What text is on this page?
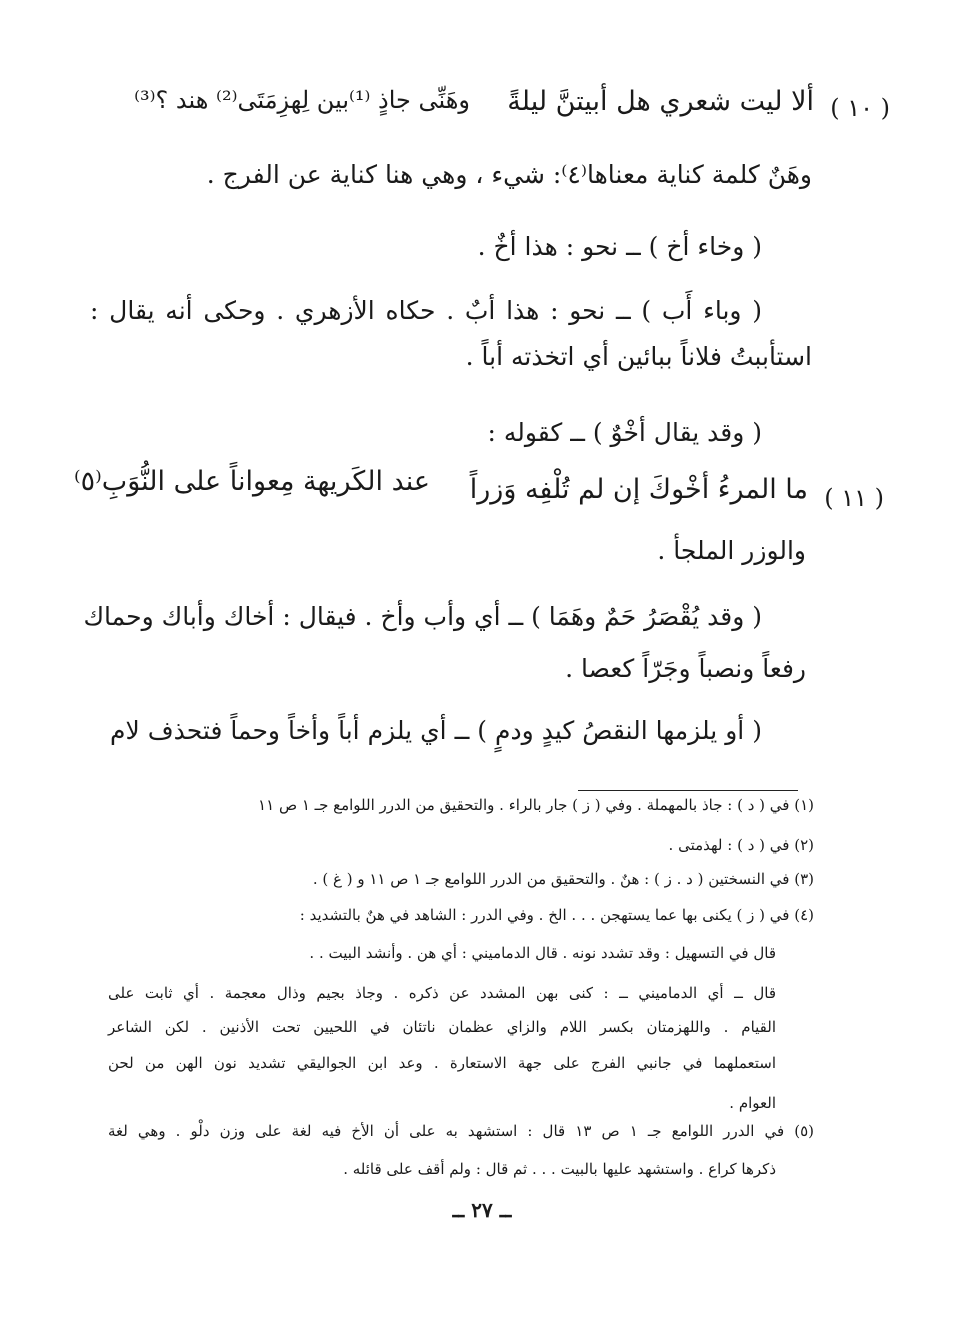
( ١٠ )
ألا ليت شعري هل أبيتنَّ ليلةً
وهَنِّى جاذٍ ⁽¹⁾بين لِهزِمَتَى⁽²⁾ هند ؟⁽³⁾
وهَنٌ كلمة كناية معناها⁽٤⁾: شيء ، وهي هنا كناية عن الفرج .
( وخاء أخ ) ــ نحو : هذا أخٌ .
( وباء أَب ) ــ نحو : هذا أبٌ . حكاه الأزهري . وحكى أنه يقال :
استأببتُ فلاناً ببائين أي اتخذته أباً .
( وقد يقال أخْوٌ ) ــ كقوله :
( ١١ )
ما المرءُ أخْوكَ إن لم تُلْفِه وَزراً
عند الكَريهة مِعواناً على النُّوَبِ⁽٥⁾
والوزر الملجأ .
( وقد يُقْصَرُ حَمٌ وهَمَا ) ــ أي وأب وأخ . فيقال : أخاك وأباك وحماك
رفعاً ونصباً وجَرّاً كعصا .
( أو يلزمها النقصُ كيدٍ ودمٍ ) ــ أي يلزم أباً وأخاً وحماً فتحذف لام
(١) في ( د ) : جاذ بالمهملة . وفي ( ز ) جار بالراء . والتحقيق من الدرر اللوامع جـ ١ ص ١١
(٢) في ( د ) : لهذمتى .
(٣) في النسختين ( د . ز ) : هنٌ . والتحقيق من الدرر اللوامع جـ ١ ص ١١ و ( غ ) .
(٤) في ( ز ) يكنى بها عما يستهجن . . . الخ . وفي الدرر : الشاهد في هنٌ بالتشديد :
قال في التسهيل : وقد تشدد نونه . قال الدماميني : أي هن . وأنشد البيت . .
قال ــ أي الدماميني ــ : كنى بهن المشدد عن ذكره . وجاذ بجيم وذال معجمة . أي ثابت على
القيام . واللهزمتان بكسر اللام والزاي عظمان ناتئان في اللحيين تحت الأذنين . لكن الشاعر
استعملهما في جانبي الفرج على جهة الاستعارة . وعد ابن الجواليقي تشديد نون الهن من لحن
العوام .
(٥) في الدرر اللوامع جـ ١ ص ١٣ قال : استشهد به على أن الأخ فيه لغة على وزن دلْو . وهي لغة
ذكرها كراع . واستشهد عليها بالبيت . . . ثم قال : ولم أقف على قائله .
ــ ٢٧ ــ
